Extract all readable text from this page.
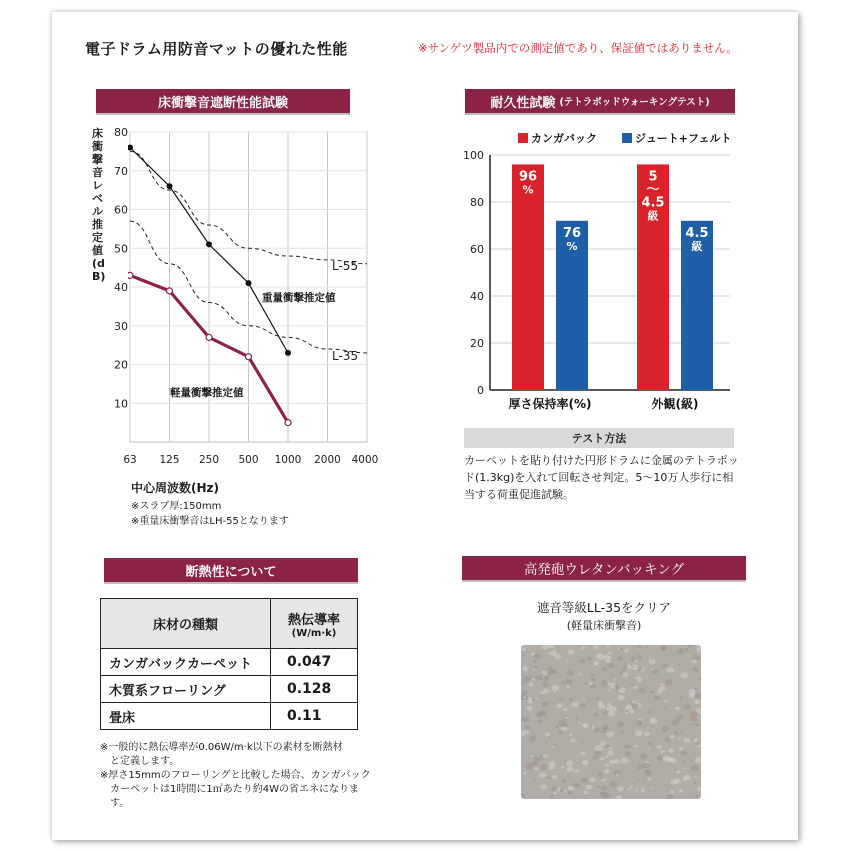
電子ドラム用防音マットの優れた性能	※サンゲツ製品内での測定値であり、保証値ではありません。
床衝撃音遮断性能試験	耐久性試験 (テトラポッドウォーキングテスト)
断熱性について	高発砲ウレタンバッキング
10
20
30
40
50
60
70
80
63 125 250 500 1000 2000 4000
L-55
L-35
重量衝撃推定値
軽量衝撃推定値
床衝撃音レベル推定値(dB)
中心周波数(Hz)
※スラブ厚:150mm
※重量床衝撃音はLH-55となります
カンガバック	ジュート+フェルト
0
20
40
60
80
100
96
%
76
%
5
〜
4.5
級
4.5
級
厚さ保持率(%)	外観(級)
テスト方法
カーペットを貼り付けた円形ドラムに金属のテトラポッド(1.3kg)を入れて回転させ判定。5〜10万人歩行に相当する荷重促進試験。
床材の種類	熱伝導率
(W/m·k)

カンガバックカーペット	0.047
木質系フローリング	0.128
畳床	0.11
※一般的に熱伝導率が0.06W/m·k以下の素材を断熱材
　と定義します。
※厚さ15mmのフローリングと比較した場合、カンガバック
　カーペットは1時間に1㎡あたり約4Wの省エネになりま
　す。
遮音等級LL-35をクリア
(軽量床衝撃音)
